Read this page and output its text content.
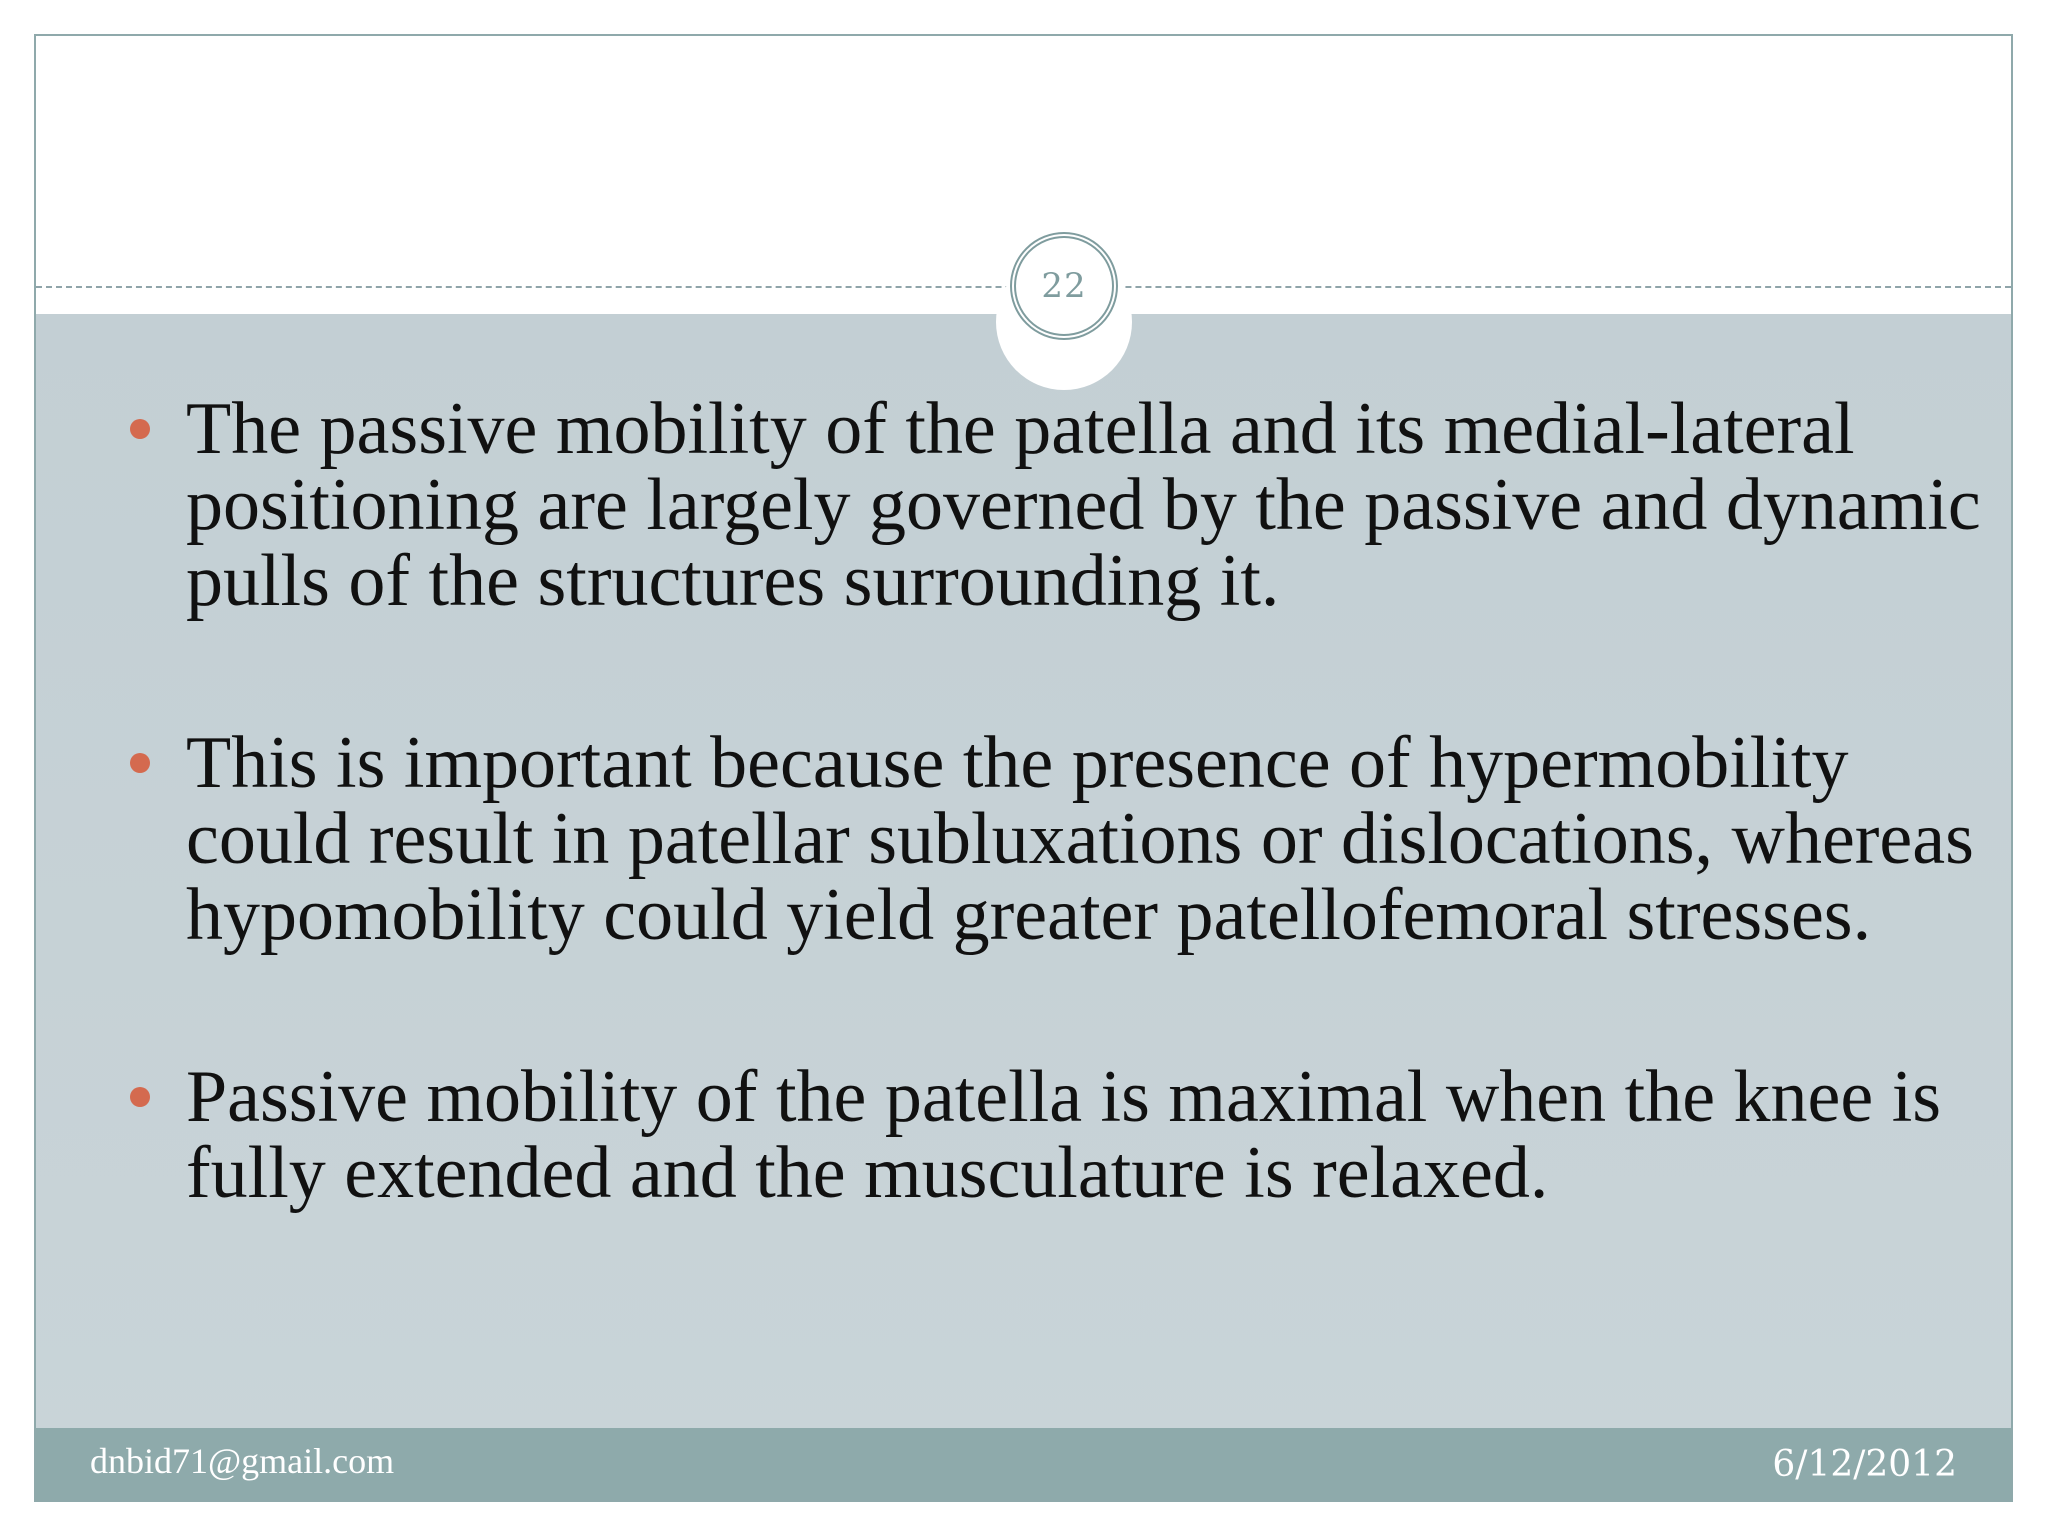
22
The passive mobility of the patella and its medial-lateral positioning are largely governed by the passive and dynamic pulls of the structures surrounding it.
This is important because the presence of hypermobility could result in patellar subluxations or dislocations, whereas hypomobility could yield greater patellofemoral stresses.
Passive mobility of the patella is maximal when the knee is fully extended and the musculature is relaxed.
dnbid71@gmail.com	6/12/2012
